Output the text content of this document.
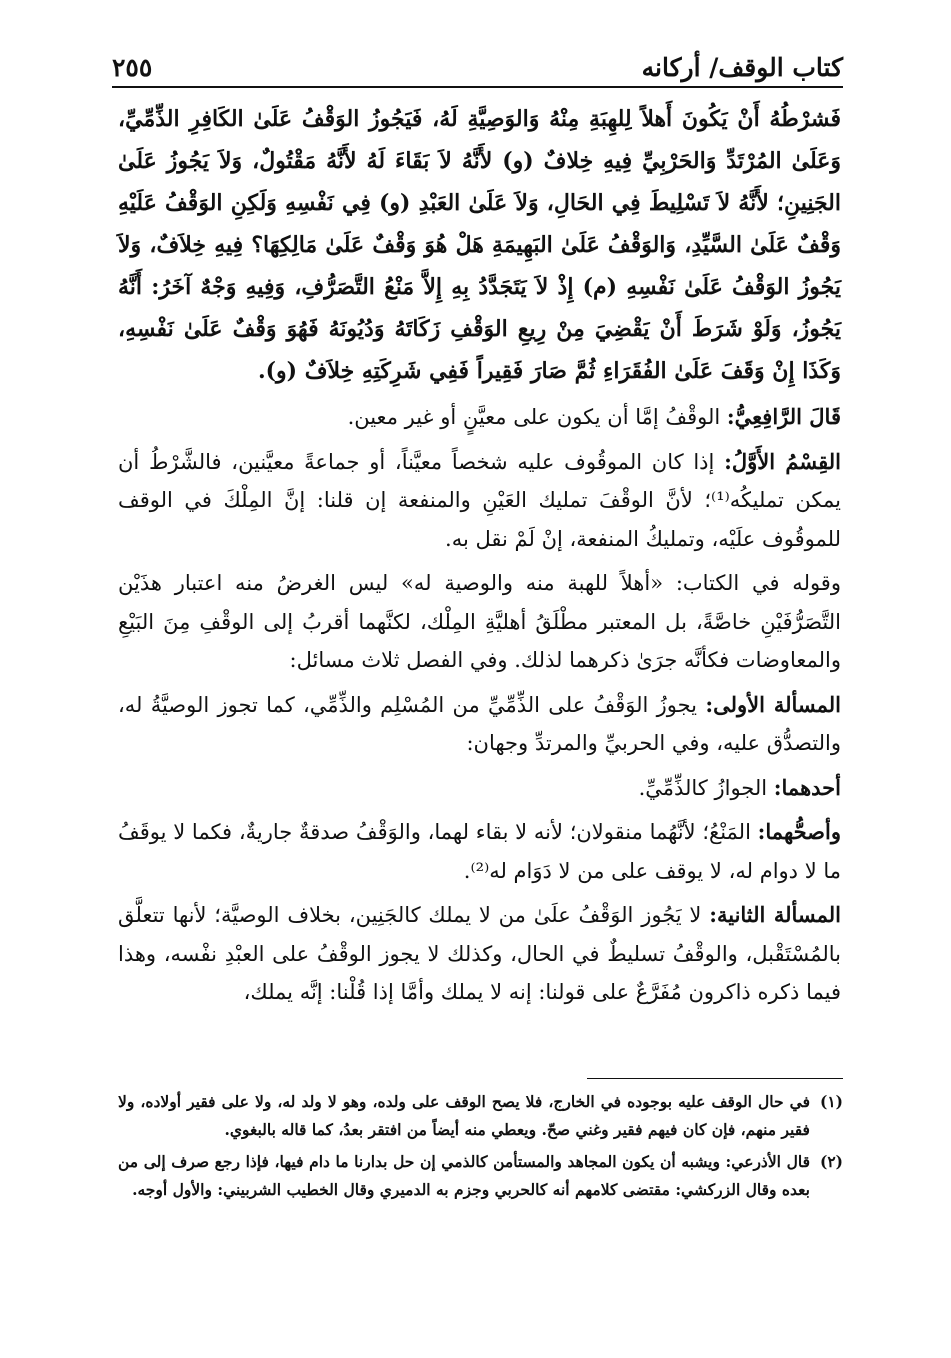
كتاب الوقف/ أركانه
٢٥٥

فَشرْطُهُ أَنْ يَكُونَ أَهلاً لِلهِبَةِ مِنْهُ وَالوَصِيَّةِ لَهُ، فَيَجُوزُ الوَقْفُ عَلَىٰ الكَافِرِ الذِّمِّيِّ، وَعَلَىٰ المُرْتَدِّ وَالحَرْبِيِّ فِيهِ خِلافٌ (و) لأَنَّهُ لاَ بَقَاءَ لَهُ لأَنَّهُ مَقْتُولٌ، وَلاَ يَجُوزُ عَلَىٰ الجَنِينِ؛ لأَنَّهُ لاَ تَسْلِيطَ فِي الحَالِ، وَلاَ عَلَىٰ العَبْدِ (و) فِي نَفْسِهِ وَلَكِنِ الوَقْفُ عَلَيْهِ وَقْفٌ عَلَىٰ السَّيِّدِ، وَالوَقْفُ عَلَىٰ البَهِيمَةِ هَلْ هُوَ وَقْفٌ عَلَىٰ مَالِكِهَا؟ فِيهِ خِلاَفٌ، وَلاَ يَجُوزُ الوَقْفُ عَلَىٰ نَفْسِهِ (م) إِذْ لاَ يَتَجَدَّدُ بِهِ إِلاَّ مَنْعُ التَّصَرُّفِ، وَفِيهِ وَجْهٌ آخَرُ: أَنَّهُ يَجُوزُ، وَلَوْ شَرَطَ أَنْ يَقْضِيَ مِنْ رِيعِ الوَقْفِ زَكَاتَهُ وَدُيُونَهُ فَهُوَ وَقْفٌ عَلَىٰ نَفْسِهِ، وَكَذَا إِنْ وَقَفَ عَلَىٰ الفُقَرَاءِ ثُمَّ صَارَ فَقِيراً فَفِي شَرِكَتِهِ خِلاَفٌ (و).

قَالَ الرَّافِعِيُّ: الوقْفُ إمَّا أن يكون على معيَّنٍ أو غير معين.

القِسْمُ الأَوَّلُ: إذا كان الموقُوف عليه شخصاً معيَّناً، أو جماعةً معيَّنين، فالشَّرْطُ أن يمكن تمليكُه⁽¹⁾؛ لأنَّ الوقْفَ تمليك العَيْنِ والمنفعة إن قلنا: إنَّ المِلْكَ في الوقف للموقُوف علَيْه، وتمليكُ المنفعة، إنْ لَمْ نقل به.

وقوله في الكتاب: «أهلاً للهبة منه والوصية له» ليس الغرضُ منه اعتبار هذَيْن التَّصَرُّفَيْنِ خاصَّةً، بل المعتبر مطْلَقُ أهليَّةِ المِلْك، لكنَّهما أقربُ إلى الوقْفِ مِنَ البَيْعِ والمعاوضات فكأنَّه جرَىٰ ذكرهما لذلك. وفي الفصل ثلاث مسائل:

المسألة الأولى: يجوزُ الوَقْفُ على الذِّمِّيِّ من المُسْلِم والذِّمِّي، كما تجوز الوصيَّةُ له، والتصدُّق عليه، وفي الحربيِّ والمرتدِّ وجهان:

أحدهما: الجوازُ كالذِّمِّيِّ.

وأصحُّهما: المَنْعُ؛ لأنَّهُما منقولان؛ لأنه لا بقاء لهما، والوَقْفُ صدقةٌ جاريةٌ، فكما لا يوقَفُ ما لا دوام له، لا يوقف على من لا دَوَام له⁽²⁾.

المسألة الثانية: لا يَجُوز الوَقْفُ علَىٰ من لا يملك كالجَنِين، بخلاف الوصيَّة؛ لأنها تتعلَّق بالمُسْتَقْبل، والوقْفُ تسليطٌ في الحال، وكذلك لا يجوز الوقْفُ على العبْدِ نفْسه، وهذا فيما ذكره ذاكرون مُفَرَّعٌ على قولنا: إنه لا يملك وأمَّا إذا قُلْنا: إنَّه يملك،

(١)
في حال الوقف عليه بوجوده في الخارج، فلا يصح الوقف على ولده، وهو لا ولد له، ولا على فقير أولاده، ولا فقير منهم، فإن كان فيهم فقير وغني صحّ. ويعطي منه أيضاً من افتقر بعدُ، كما قاله بالبغوي.
(٢)
قال الأذرعي: ويشبه أن يكون المجاهد والمستأمن كالذمي إن حل بدارنا ما دام فيها، فإذا رجع صرف إلى من بعده وقال الزركشي: مقتضى كلامهم أنه كالحربي وجزم به الدميري وقال الخطيب الشربيني: والأول أوجه.
